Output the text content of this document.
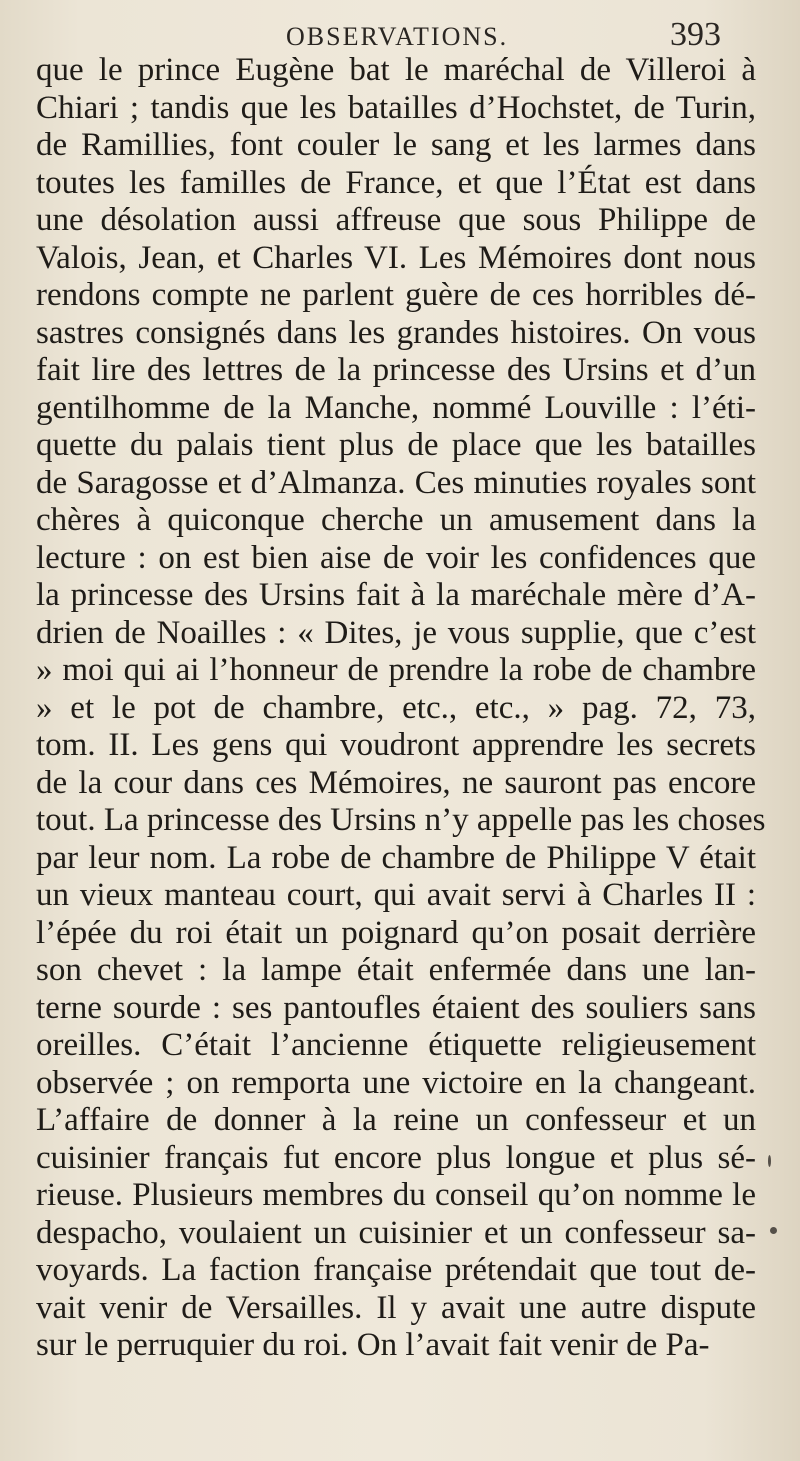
OBSERVATIONS.	393
que le prince Eugène bat le maréchal de Villeroi à
Chiari ; tandis que les batailles d’Hochstet, de Turin,
de Ramillies, font couler le sang et les larmes dans
toutes les familles de France, et que l’État est dans
une désolation aussi affreuse que sous Philippe de
Valois, Jean, et Charles VI. Les Mémoires dont nous
rendons compte ne parlent guère de ces horribles dé-
sastres consignés dans les grandes histoires. On vous
fait lire des lettres de la princesse des Ursins et d’un
gentilhomme de la Manche, nommé Louville : l’éti-
quette du palais tient plus de place que les batailles
de Saragosse et d’Almanza. Ces minuties royales sont
chères à quiconque cherche un amusement dans la
lecture : on est bien aise de voir les confidences que
la princesse des Ursins fait à la maréchale mère d’A-
drien de Noailles : « Dites, je vous supplie, que c’est
» moi qui ai l’honneur de prendre la robe de chambre
» et le pot de chambre, etc., etc., » pag. 72, 73,
tom. II. Les gens qui voudront apprendre les secrets
de la cour dans ces Mémoires, ne sauront pas encore
tout. La princesse des Ursins n’y appelle pas les choses
par leur nom. La robe de chambre de Philippe V était
un vieux manteau court, qui avait servi à Charles II :
l’épée du roi était un poignard qu’on posait derrière
son chevet : la lampe était enfermée dans une lan-
terne sourde : ses pantoufles étaient des souliers sans
oreilles. C’était l’ancienne étiquette religieusement
observée ; on remporta une victoire en la changeant.
L’affaire de donner à la reine un confesseur et un
cuisinier français fut encore plus longue et plus sé-
rieuse. Plusieurs membres du conseil qu’on nomme le
despacho, voulaient un cuisinier et un confesseur sa-
voyards. La faction française prétendait que tout de-
vait venir de Versailles. Il y avait une autre dispute
sur le perruquier du roi. On l’avait fait venir de Pa-
